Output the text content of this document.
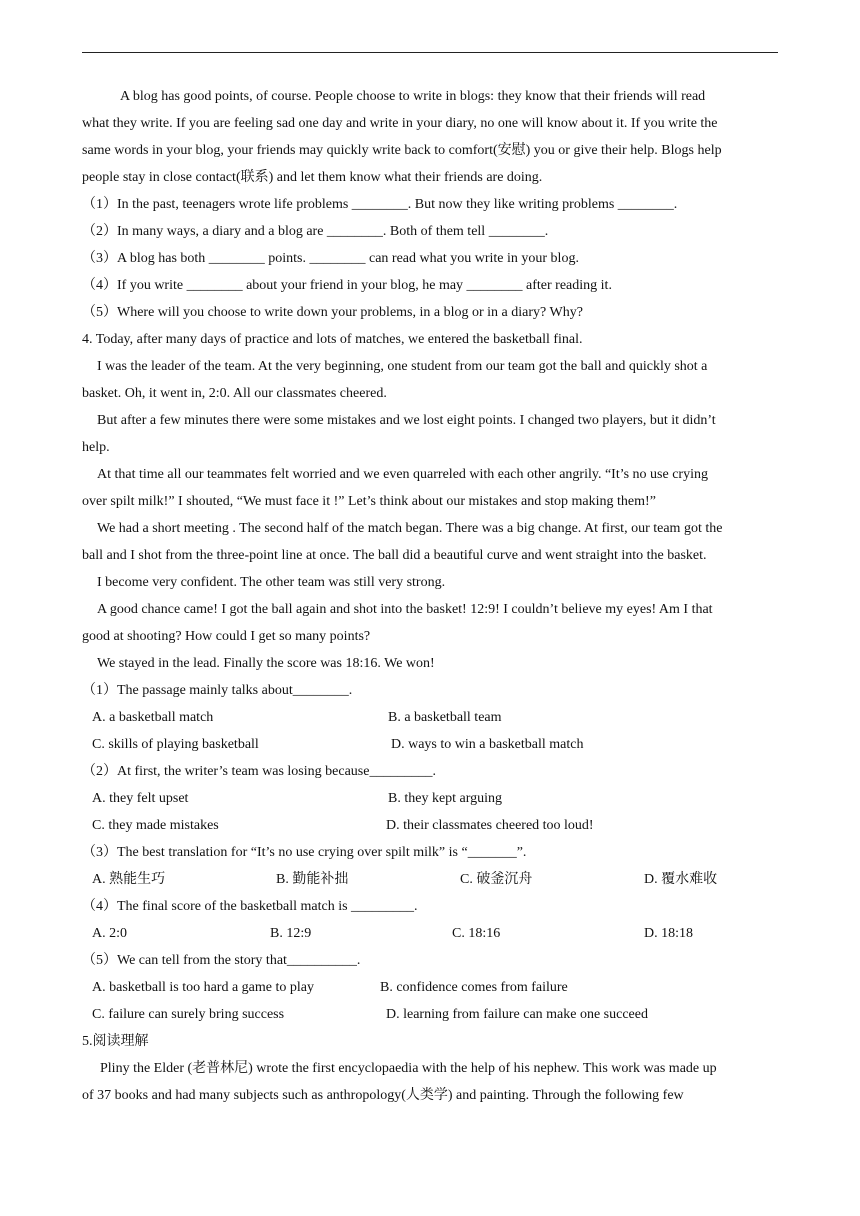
A blog has good points, of course. People choose to write in blogs: they know that their friends will read
what they write. If you are feeling sad one day and write in your diary, no one will know about it. If you write the
same words in your blog, your friends may quickly write back to comfort(安慰) you or give their help. Blogs help
people stay in close contact(联系) and let them know what their friends are doing.
（1）In the past, teenagers wrote life problems ________. But now they like writing problems ________.
（2）In many ways, a diary and a blog are ________. Both of them tell ________.
（3）A blog has both ________ points. ________ can read what you write in your blog.
（4）If you write ________ about your friend in your blog, he may ________ after reading it.
（5）Where will you choose to write down your problems, in a blog or in a diary? Why?
4. Today, after many days of practice and lots of matches, we entered the basketball final.
I was the leader of the team. At the very beginning, one student from our team got the ball and quickly shot a
basket. Oh, it went in, 2:0. All our classmates cheered.
But after a few minutes there were some mistakes and we lost eight points. I changed two players, but it didn’t
help.
At that time all our teammates felt worried and we even quarreled with each other angrily. “It’s no use crying
over spilt milk!” I shouted, “We must face it !” Let’s think about our mistakes and stop making them!”
We had a short meeting . The second half of the match began. There was a big change. At first, our team got the
ball and I shot from the three-point line at once. The ball did a beautiful curve and went straight into the basket.
I become very confident. The other team was still very strong.
A good chance came! I got the ball again and shot into the basket! 12:9! I couldn’t believe my eyes! Am I that
good at shooting? How could I get so many points?
We stayed in the lead. Finally the score was 18:16. We won!
（1）The passage mainly talks about________.
A. a basketball match	B. a basketball team
C. skills of playing basketball	D. ways to win a basketball match
（2）At first, the writer’s team was losing because_________.
A. they felt upset	B. they kept arguing
C. they made mistakes	D. their classmates cheered too loud!
（3）The best translation for “It’s no use crying over spilt milk” is “_______”.
A. 熟能生巧	B. 勤能补拙	C. 破釜沉舟	D. 覆水难收
（4）The final score of the basketball match is _________.
A. 2:0	B. 12:9	C. 18:16	D. 18:18
（5）We can tell from the story that__________.
A. basketball is too hard a game to play	B. confidence comes from failure
C. failure can surely bring success	D. learning from failure can make one succeed
5.阅读理解
Pliny the Elder (老普林尼) wrote the first encyclopaedia with the help of his nephew. This work was made up
of 37 books and had many subjects such as anthropology(人类学) and painting. Through the following few
